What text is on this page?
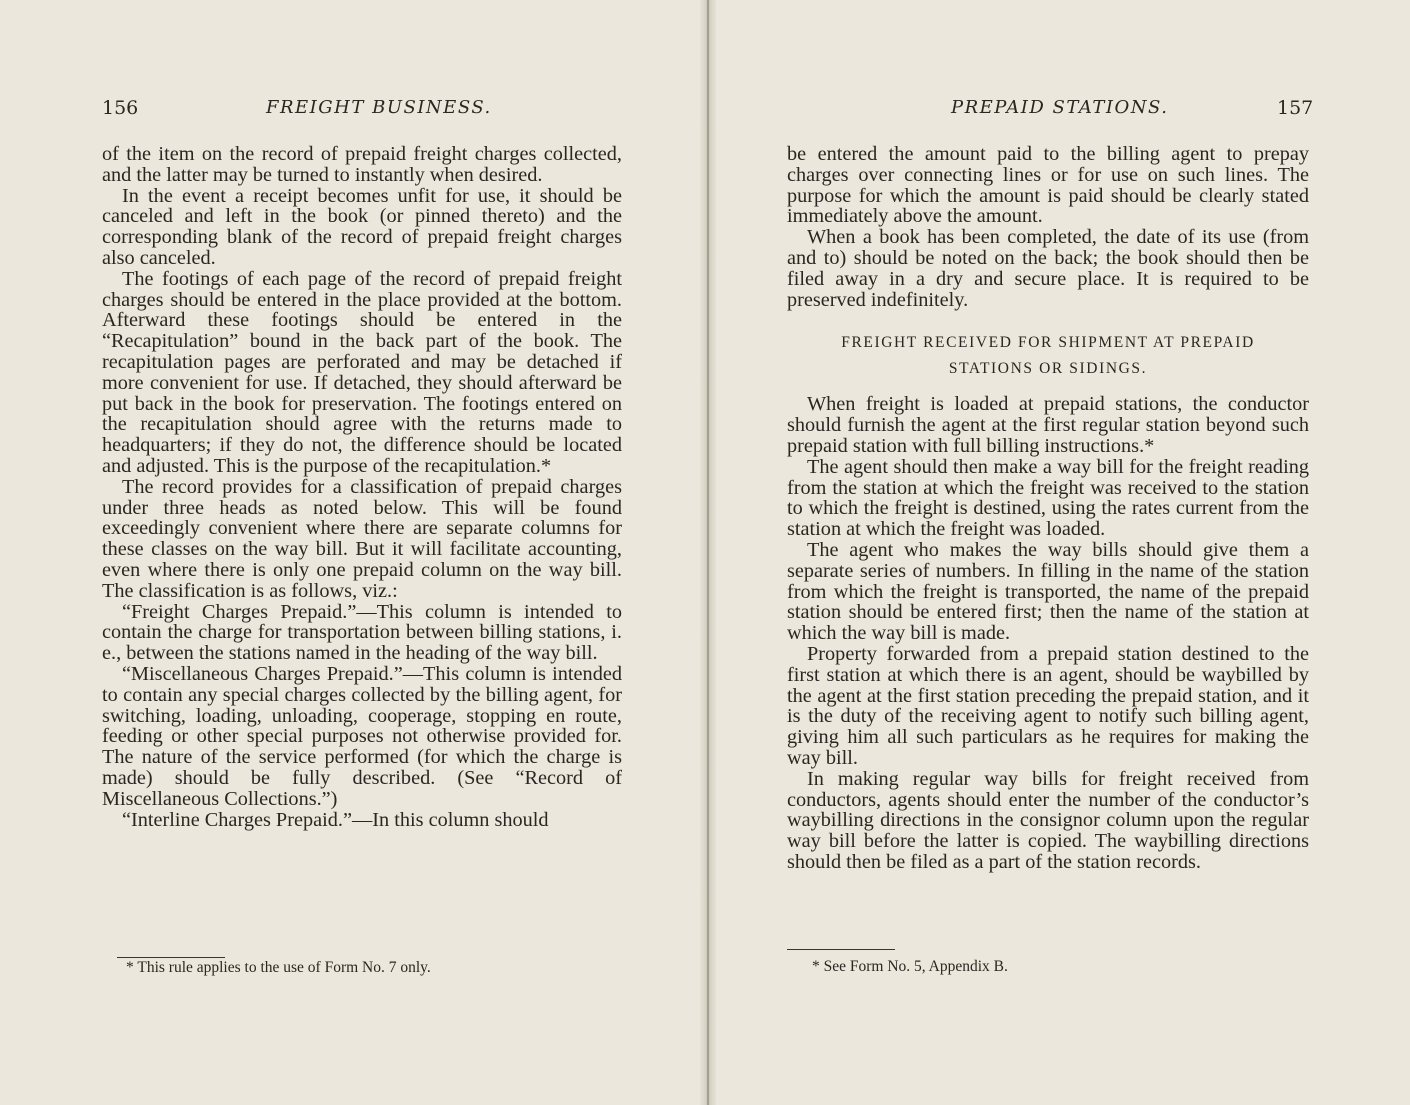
156	FREIGHT BUSINESS.

of the item on the record of prepaid freight charges collected, and the latter may be turned to instantly when desired.

In the event a receipt becomes unfit for use, it should be canceled and left in the book (or pinned thereto) and the corresponding blank of the record of prepaid freight charges also canceled.

The footings of each page of the record of prepaid freight charges should be entered in the place provided at the bottom. Afterward these footings should be entered in the “Recapitulation” bound in the back part of the book. The recapitulation pages are perforated and may be detached if more convenient for use. If detached, they should afterward be put back in the book for preservation. The footings entered on the recapitulation should agree with the returns made to headquarters; if they do not, the difference should be located and adjusted. This is the purpose of the recapitulation.*

The record provides for a classification of prepaid charges under three heads as noted below. This will be found exceedingly convenient where there are separate columns for these classes on the way bill. But it will facilitate accounting, even where there is only one prepaid column on the way bill. The classification is as follows, viz.:

“Freight Charges Prepaid.”—This column is intended to contain the charge for transportation between billing stations, i. e., between the stations named in the heading of the way bill.

“Miscellaneous Charges Prepaid.”—This column is intended to contain any special charges collected by the billing agent, for switching, loading, unloading, cooperage, stopping en route, feeding or other special purposes not otherwise provided for. The nature of the service performed (for which the charge is made) should be fully described. (See “Record of Miscellaneous Collections.”)

“Interline Charges Prepaid.”—In this column should

* This rule applies to the use of Form No. 7 only.
PREPAID STATIONS.	157

be entered the amount paid to the billing agent to prepay charges over connecting lines or for use on such lines. The purpose for which the amount is paid should be clearly stated immediately above the amount.

When a book has been completed, the date of its use (from and to) should be noted on the back; the book should then be filed away in a dry and secure place. It is required to be preserved indefinitely.

FREIGHT RECEIVED FOR SHIPMENT AT PREPAID
STATIONS OR SIDINGS.

When freight is loaded at prepaid stations, the conductor should furnish the agent at the first regular station beyond such prepaid station with full billing instructions.*

The agent should then make a way bill for the freight reading from the station at which the freight was received to the station to which the freight is destined, using the rates current from the station at which the freight was loaded.

The agent who makes the way bills should give them a separate series of numbers. In filling in the name of the station from which the freight is transported, the name of the prepaid station should be entered first; then the name of the station at which the way bill is made.

Property forwarded from a prepaid station destined to the first station at which there is an agent, should be waybilled by the agent at the first station preceding the prepaid station, and it is the duty of the receiving agent to notify such billing agent, giving him all such particulars as he requires for making the way bill.

In making regular way bills for freight received from conductors, agents should enter the number of the conductor’s waybilling directions in the consignor column upon the regular way bill before the latter is copied. The waybilling directions should then be filed as a part of the station records.

* See Form No. 5, Appendix B.
